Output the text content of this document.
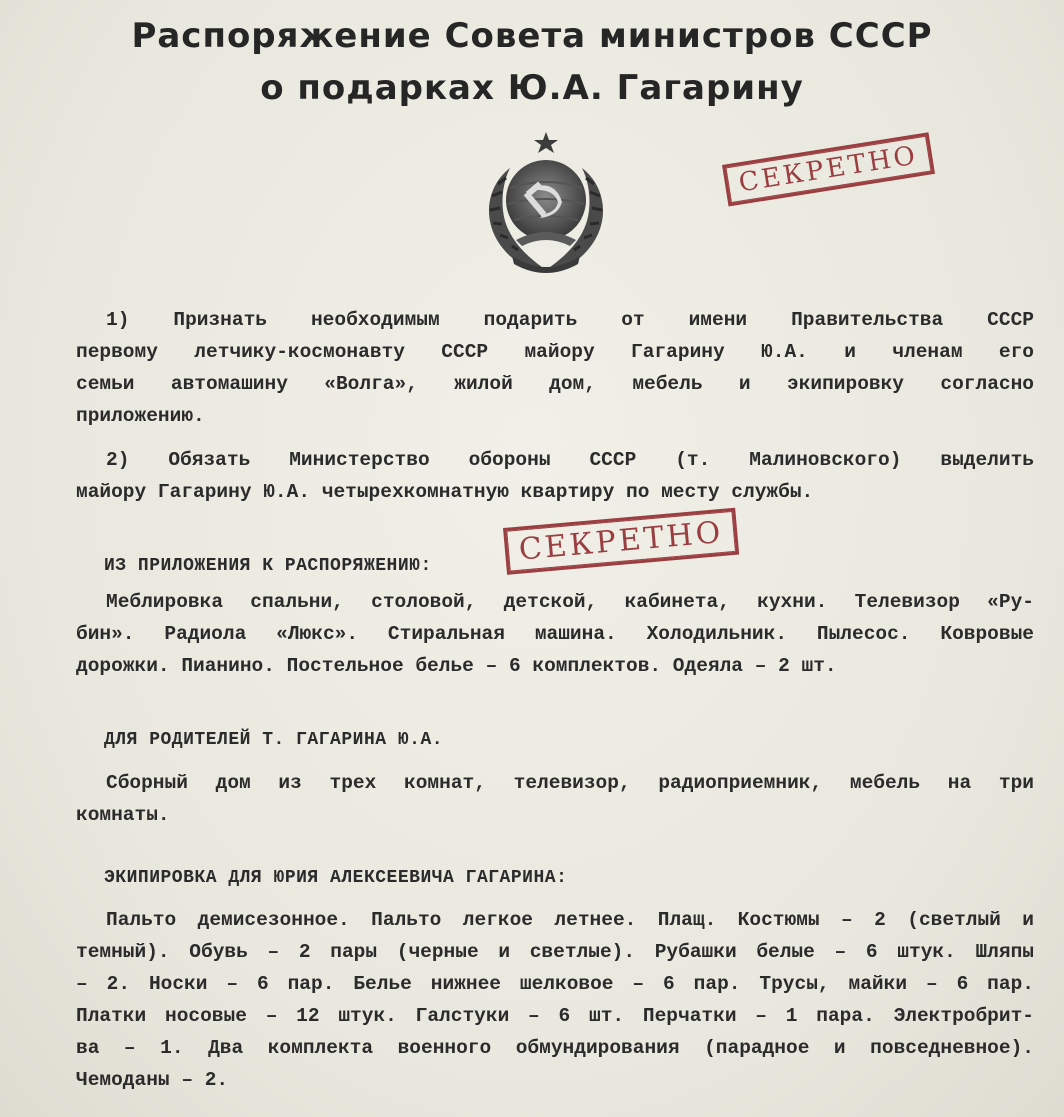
Распоряжение Совета министров СССР
о подарках Ю.А. Гагарину
СЕКРЕТНО
1) Признать необходимым подарить от имени Правительства СССР
первому летчику-космонавту СССР майору Гагарину Ю.А. и членам его
семьи автомашину «Волга», жилой дом, мебель и экипировку согласно
приложению.
2) Обязать Министерство обороны СССР (т. Малиновского) выделить
майору Гагарину Ю.А. четырехкомнатную квартиру по месту службы.

ИЗ ПРИЛОЖЕНИЯ К РАСПОРЯЖЕНИЮ:	СЕКРЕТНО
Меблировка спальни, столовой, детской, кабинета, кухни. Телевизор «Ру-
бин». Радиола «Люкс». Стиральная машина. Холодильник. Пылесос. Ковровые
дорожки. Пианино. Постельное белье – 6 комплектов. Одеяла – 2 шт.

ДЛЯ РОДИТЕЛЕЙ Т. ГАГАРИНА Ю.А.

Сборный дом из трех комнат, телевизор, радиоприемник, мебель на три
комнаты.

ЭКИПИРОВКА ДЛЯ ЮРИЯ АЛЕКСЕЕВИЧА ГАГАРИНА:

Пальто демисезонное. Пальто легкое летнее. Плащ. Костюмы – 2 (светлый и
темный). Обувь – 2 пары (черные и светлые). Рубашки белые – 6 штук. Шляпы
– 2. Носки – 6 пар. Белье нижнее шелковое – 6 пар. Трусы, майки – 6 пар.
Платки носовые – 12 штук. Галстуки – 6 шт. Перчатки – 1 пара. Электробрит-
ва – 1. Два комплекта военного обмундирования (парадное и повседневное).
Чемоданы – 2.
